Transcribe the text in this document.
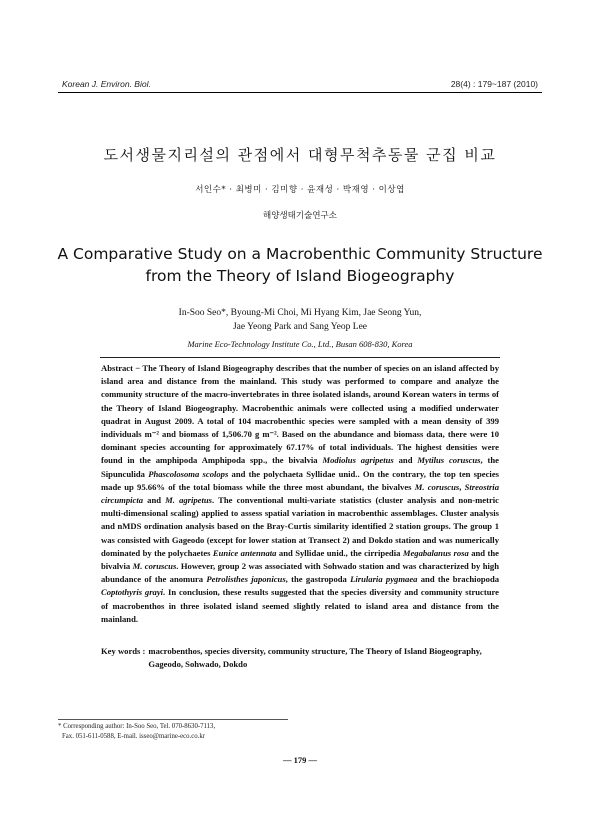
Korean J. Environ. Biol.	28(4) : 179~187 (2010)
도서생물지리설의 관점에서 대형무척추동물 군집 비교
서인수* · 최병미 · 김미향 · 윤재성 · 박재영 · 이상엽
해양생태기술연구소
A Comparative Study on a Macrobenthic Community Structure
from the Theory of Island Biogeography
In-Soo Seo*, Byoung-Mi Choi, Mi Hyang Kim, Jae Seong Yun,
Jae Yeong Park and Sang Yeop Lee
Marine Eco-Technology Institute Co., Ltd., Busan 608-830, Korea

Abstract − The Theory of Island Biogeography describes that the number of species on an island affected by island area and distance from the mainland. This study was performed to compare and analyze the community structure of the macro-invertebrates in three isolated islands, around Korean waters in terms of the Theory of Island Biogeography. Macrobenthic animals were collected using a modified underwater quadrat in August 2009. A total of 104 macrobenthic species were sampled with a mean density of 399 individuals m⁻² and biomass of 1,506.70 g m⁻². Based on the abundance and biomass data, there were 10 dominant species accounting for approximately 67.17% of total individuals. The highest densities were found in the amphipoda Amphipoda spp., the bivalvia Modiolus agripetus and Mytilus coruscus, the Sipunculida Phascolosoma scolops and the polychaeta Syllidae unid.. On the contrary, the top ten species made up 95.66% of the total biomass while the three most abundant, the bivalves M. coruscus, Streostria circumpicta and M. agripetus. The conventional multi-variate statistics (cluster analysis and non-metric multi-dimensional scaling) applied to assess spatial variation in macrobenthic assemblages. Cluster analysis and nMDS ordination analysis based on the Bray-Curtis similarity identified 2 station groups. The group 1 was consisted with Gageodo (except for lower station at Transect 2) and Dokdo station and was numerically dominated by the polychaetes Eunice antennata and Syllidae unid., the cirripedia Megabalanus rosa and the bivalvia M. coruscus. However, group 2 was associated with Sohwado station and was characterized by high abundance of the anomura Petrolisthes japonicus, the gastropoda Lirularia pygmaea and the brachiopoda Coptothyris grayi. In conclusion, these results suggested that the species diversity and community structure of macrobenthos in three isolated island seemed slightly related to island area and distance from the mainland.

Key words : macrobenthos, species diversity, community structure, The Theory of Island Biogeography, Gageodo, Sohwado, Dokdo
* Corresponding author: In-Soo Seo, Tel. 070-8630-7113,
Fax. 051-611-0588, E-mail. isseo@marine-eco.co.kr
— 179 —
